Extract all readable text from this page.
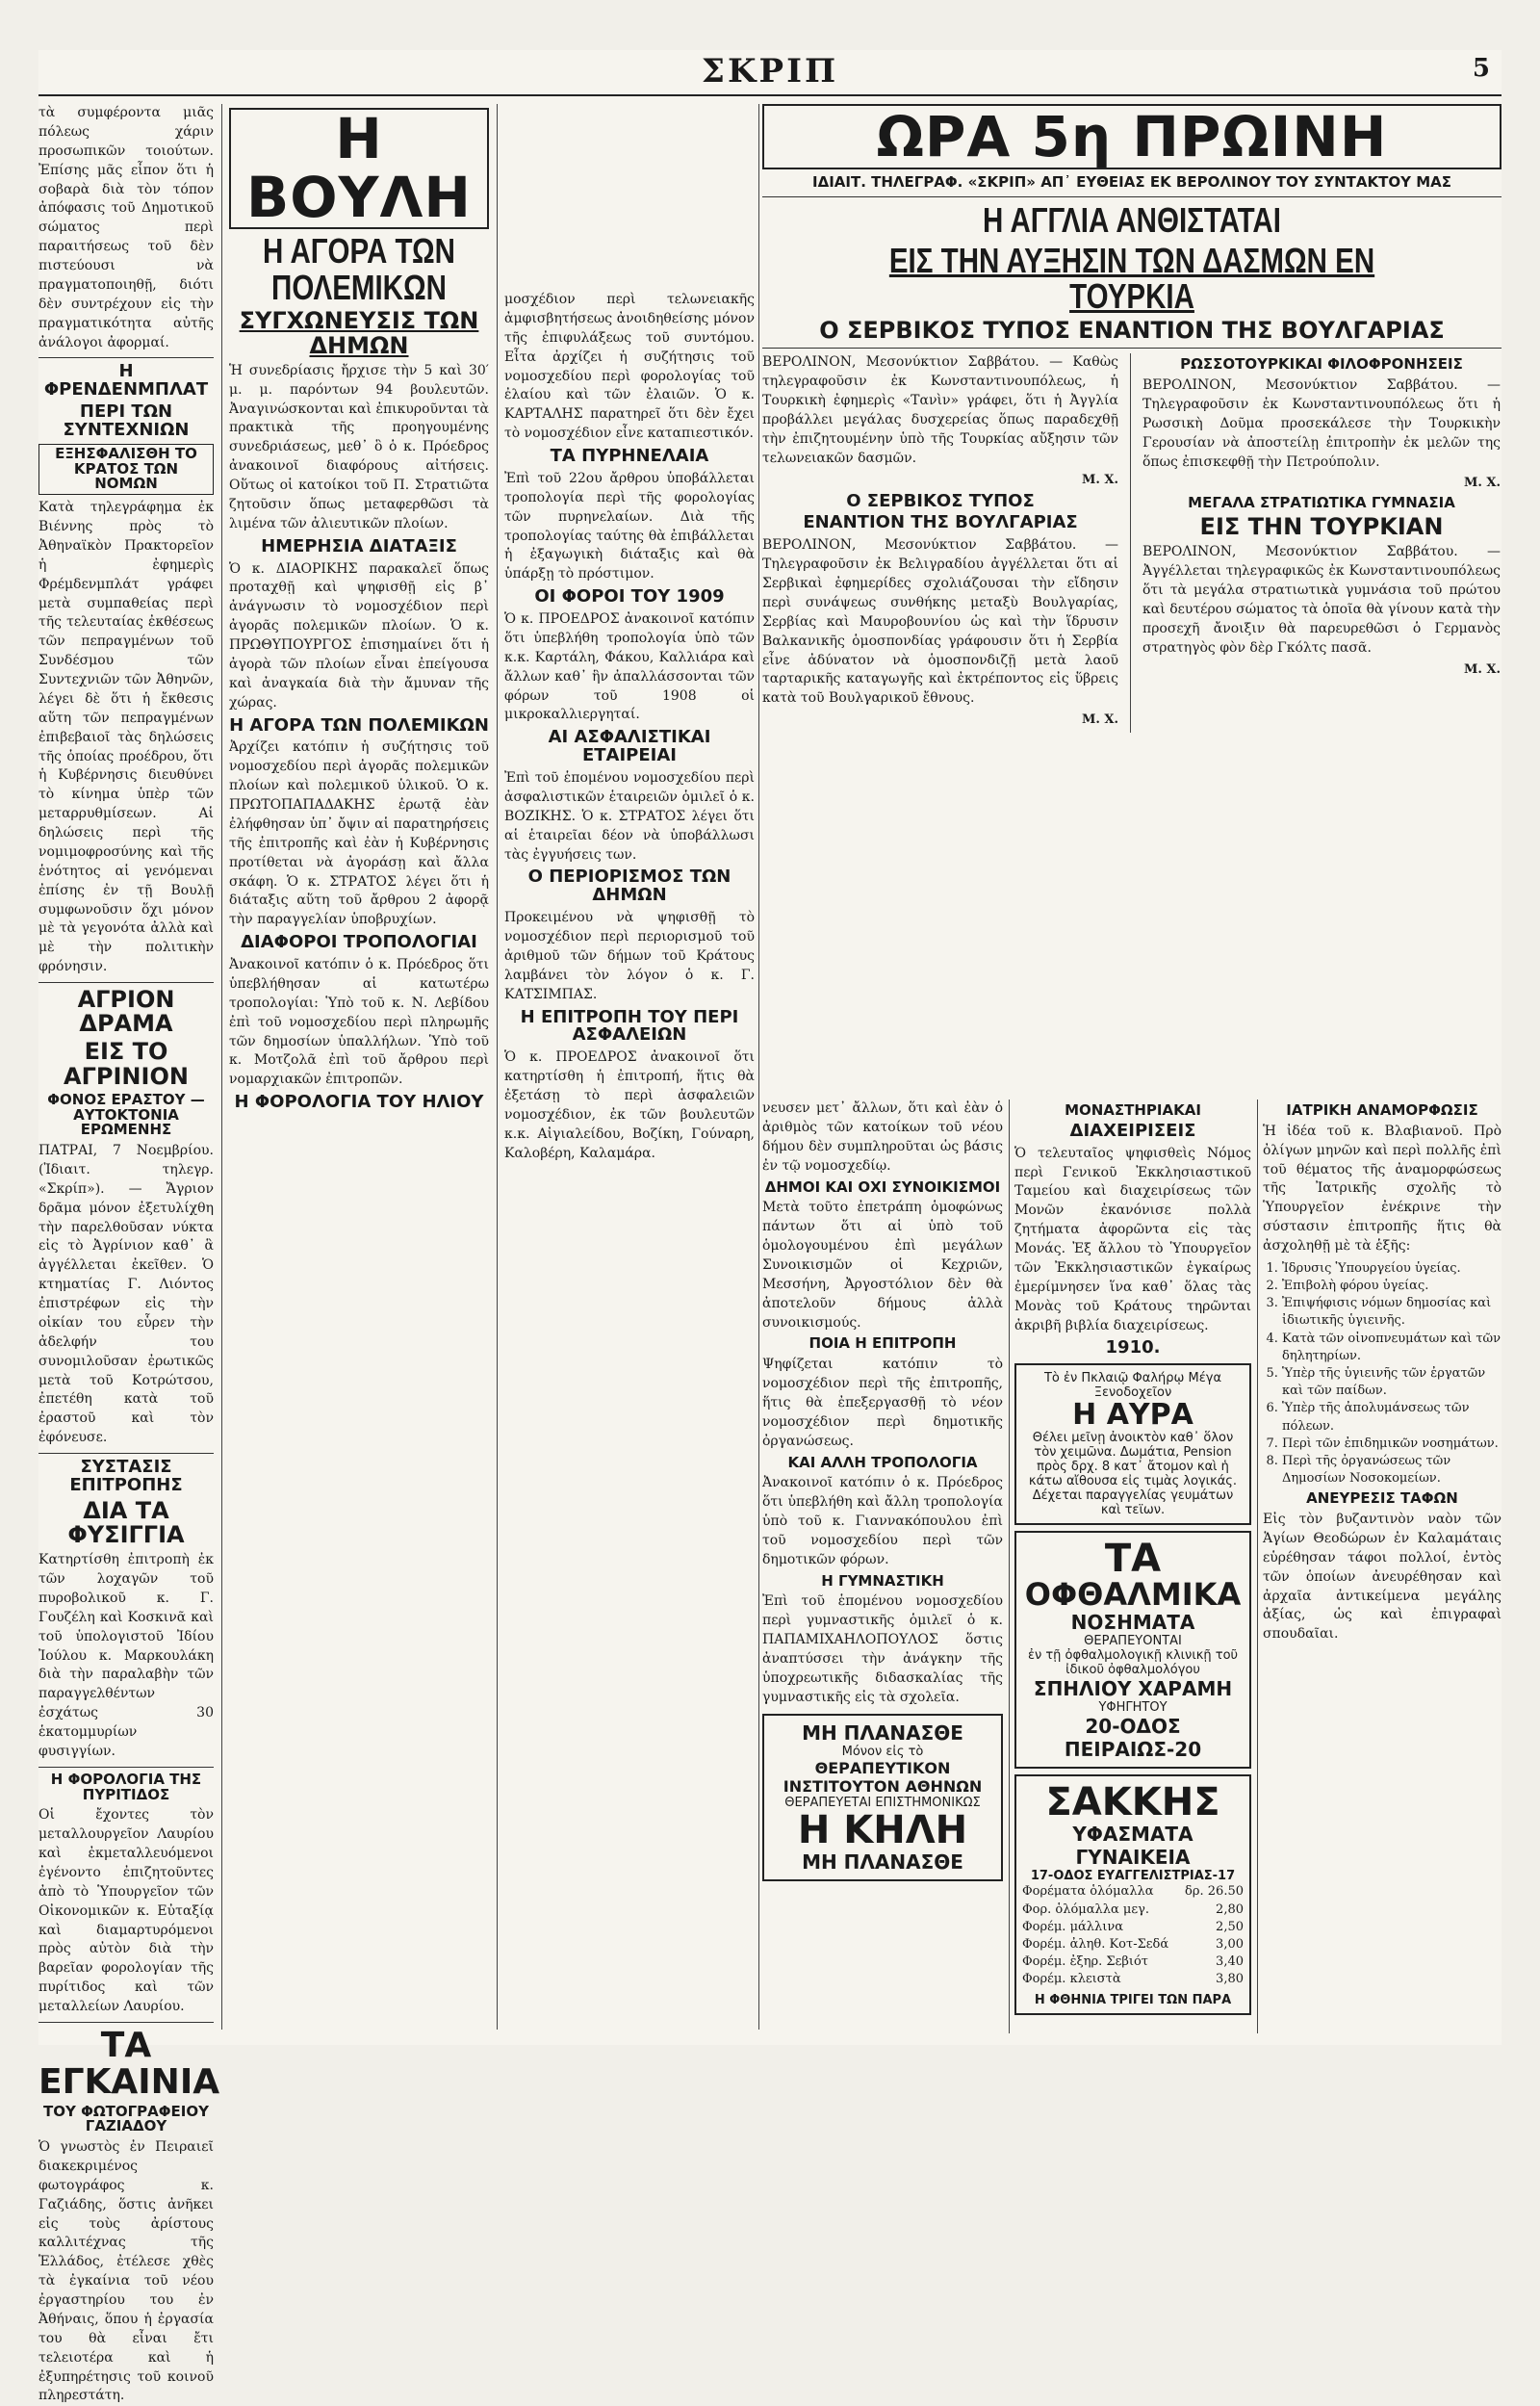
ΣΚΡΙΠ	5

τὰ συμφέροντα μιᾶς πόλεως χάριν προσωπικῶν τοιούτων. Ἐπίσης μᾶς εἶπον ὅτι ἡ σοβαρὰ διὰ τὸν τόπον ἀπόφασις τοῦ Δημοτικοῦ σώματος περὶ παραιτήσεως τοῦ δὲν πιστεύουσι νὰ πραγματοποιηθῇ, διότι δὲν συντρέχουν εἰς τὴν πραγματικότητα αὐτῆς ἀνάλογοι ἀφορμαί.

Η ΦΡΕΝΔΕΝΜΠΛΑΤ
ΠΕΡΙ ΤΩΝ ΣΥΝΤΕΧΝΙΩΝ
ΕΞΗΣΦΑΛΙΣΘΗ ΤΟ ΚΡΑΤΟΣ ΤΩΝ ΝΟΜΩΝ

Κατὰ τηλεγράφημα ἐκ Βιέννης πρὸς τὸ Ἀθηναϊκὸν Πρακτορεῖον ἡ ἐφημερὶς Φρέμδενμπλάτ γράφει μετὰ συμπαθείας περὶ τῆς τελευταίας ἐκθέσεως τῶν πεπραγμένων τοῦ Συνδέσμου τῶν Συντεχνιῶν τῶν Ἀθηνῶν, λέγει δὲ ὅτι ἡ ἔκθεσις αὕτη τῶν πεπραγμένων ἐπιβεβαιοῖ τὰς δηλώσεις τῆς ὁποίας προέδρου, ὅτι ἡ Κυβέρνησις διευθύνει τὸ κίνημα ὑπὲρ τῶν μεταρρυθμίσεων. Αἱ δηλώσεις περὶ τῆς νομιμοφροσύνης καὶ τῆς ἑνότητος αἱ γενόμεναι ἐπίσης ἐν τῇ Βουλῇ συμφωνοῦσιν ὅχι μόνον μὲ τὰ γεγονότα ἀλλὰ καὶ μὲ τὴν πολιτικὴν φρόνησιν.

ΑΓΡΙΟΝ ΔΡΑΜΑ
ΕΙΣ ΤΟ ΑΓΡΙΝΙΟΝ
ΦΟΝΟΣ ΕΡΑΣΤΟΥ — ΑΥΤΟΚΤΟΝΙΑ ΕΡΩΜΕΝΗΣ

ΠΑΤΡΑΙ, 7 Νοεμβρίου. (Ἰδιαιτ. τηλεγρ. «Σκρίπ»). — Ἄγριον δρᾶμα μόνον ἐξετυλίχθη τὴν παρελθοῦσαν νύκτα εἰς τὸ Ἀγρίνιον καθ᾽ ἃ ἀγγέλλεται ἐκεῖθεν. Ὁ κτηματίας Γ. Λιόντος ἐπιστρέφων εἰς τὴν οἰκίαν του εὗρεν τὴν ἀδελφήν του συνομιλοῦσαν ἐρωτικῶς μετὰ τοῦ Κοτρώτσου, ἐπετέθη κατὰ τοῦ ἐραστοῦ καὶ τὸν ἐφόνευσε.

ΣΥΣΤΑΣΙΣ ΕΠΙΤΡΟΠΗΣ
ΔΙΑ ΤΑ ΦΥΣΙΓΓΙΑ

Κατηρτίσθη ἐπιτροπὴ ἐκ τῶν λοχαγῶν τοῦ πυροβολικοῦ κ. Γ. Γουζέλη καὶ Κοσκινᾶ καὶ τοῦ ὑπολογιστοῦ Ἰδίου Ἰούλου κ. Μαρκουλάκη διὰ τὴν παραλαβὴν τῶν παραγγελθέντων ἐσχάτως 30 ἑκατομμυρίων φυσιγγίων.

Η ΦΟΡΟΛΟΓΙΑ ΤΗΣ ΠΥΡΙΤΙΔΟΣ

Οἱ ἔχοντες τὸν μεταλλουργεῖον Λαυρίου καὶ ἐκμεταλλευόμενοι ἐγένοντο ἐπιζητοῦντες ἀπὸ τὸ Ὑπουργεῖον τῶν Οἰκονομικῶν κ. Εὐταξίᾳ καὶ διαμαρτυρόμενοι πρὸς αὐτὸν διὰ τὴν βαρεῖαν φορολογίαν τῆς πυρίτιδος καὶ τῶν μεταλλείων Λαυρίου.

ΤΑ ΕΓΚΑΙΝΙΑ
ΤΟΥ ΦΩΤΟΓΡΑΦΕΙΟΥ ΓΑΖΙΑΔΟΥ

Ὁ γνωστὸς ἐν Πειραιεῖ διακεκριμένος φωτογράφος κ. Γαζιάδης, ὅστις ἀνῆκει εἰς τοὺς ἀρίστους καλλιτέχνας τῆς Ἑλλάδος, ἐτέλεσε χθὲς τὰ ἐγκαίνια τοῦ νέου ἐργαστηρίου του ἐν Ἀθήναις, ὅπου ἡ ἐργασία του θὰ εἶναι ἔτι τελειοτέρα καὶ ἡ ἐξυπηρέτησις τοῦ κοινοῦ πληρεστάτη.

Η ΒΟΥΛΗ
Η ΑΓΟΡΑ ΤΩΝ ΠΟΛΕΜΙΚΩΝ
ΣΥΓΧΩΝΕΥΣΙΣ ΤΩΝ ΔΗΜΩΝ

Ἡ συνεδρίασις ἤρχισε τὴν 5 καὶ 30′ μ. μ. παρόντων 94 βουλευτῶν. Ἀναγινώσκονται καὶ ἐπικυροῦνται τὰ πρακτικὰ τῆς προηγουμένης συνεδριάσεως, μεθ᾽ ὃ ὁ κ. Πρόεδρος ἀνακοινοῖ διαφόρους αἰτήσεις. Οὕτως οἱ κατοίκοι τοῦ Π. Στρατιῶτα ζητοῦσιν ὅπως μεταφερθῶσι τὰ λιμένα τῶν ἀλιευτικῶν πλοίων.

ΗΜΕΡΗΣΙΑ ΔΙΑΤΑΞΙΣ

Ὁ κ. ΔΙΑΟΡΙΚΗΣ παρακαλεῖ ὅπως προταχθῇ καὶ ψηφισθῇ εἰς β᾽ ἀνάγνωσιν τὸ νομοσχέδιον περὶ ἀγορᾶς πολεμικῶν πλοίων. Ὁ κ. ΠΡΩΘΥΠΟΥΡΓΟΣ ἐπισημαίνει ὅτι ἡ ἀγορὰ τῶν πλοίων εἶναι ἐπείγουσα καὶ ἀναγκαία διὰ τὴν ἄμυναν τῆς χώρας.

Η ΑΓΟΡΑ ΤΩΝ ΠΟΛΕΜΙΚΩΝ

Ἀρχίζει κατόπιν ἡ συζήτησις τοῦ νομοσχεδίου περὶ ἀγορᾶς πολεμικῶν πλοίων καὶ πολεμικοῦ ὑλικοῦ. Ὁ κ. ΠΡΩΤΟΠΑΠΑΔΑΚΗΣ ἐρωτᾷ ἐὰν ἐλήφθησαν ὑπ᾽ ὄψιν αἱ παρατηρήσεις τῆς ἐπιτροπῆς καὶ ἐὰν ἡ Κυβέρνησις προτίθεται νὰ ἀγοράσῃ καὶ ἄλλα σκάφη. Ὁ κ. ΣΤΡΑΤΟΣ λέγει ὅτι ἡ διάταξις αὕτη τοῦ ἄρθρου 2 ἀφορᾷ τὴν παραγγελίαν ὑποβρυχίων.

ΔΙΑΦΟΡΟΙ ΤΡΟΠΟΛΟΓΙΑΙ

Ἀνακοινοῖ κατόπιν ὁ κ. Πρόεδρος ὅτι ὑπεβλήθησαν αἱ κατωτέρω τροπολογίαι: Ὑπὸ τοῦ κ. Ν. Λεβίδου ἐπὶ τοῦ νομοσχεδίου περὶ πληρωμῆς τῶν δημοσίων ὑπαλλήλων. Ὑπὸ τοῦ κ. Μοτζολᾶ ἐπὶ τοῦ ἄρθρου περὶ νομαρχιακῶν ἐπιτροπῶν.

Η ΦΟΡΟΛΟΓΙΑ ΤΟΥ ΗΛΙΟΥ

μοσχέδιον περὶ τελωνειακῆς ἀμφισβητήσεως ἀνοιδηθείσης μόνον τῆς ἐπιφυλάξεως τοῦ συντόμου. Εἶτα ἀρχίζει ἡ συζήτησις τοῦ νομοσχεδίου περὶ φορολογίας τοῦ ἐλαίου καὶ τῶν ἐλαιῶν. Ὁ κ. ΚΑΡΤΑΛΗΣ παρατηρεῖ ὅτι δὲν ἔχει τὸ νομοσχέδιον εἶνε καταπιεστικόν.

ΤΑ ΠΥΡΗΝΕΛΑΙΑ

Ἐπὶ τοῦ 22ου ἄρθρου ὑποβάλλεται τροπολογία περὶ τῆς φορολογίας τῶν πυρηνελαίων. Διὰ τῆς τροπολογίας ταύτης θὰ ἐπιβάλλεται ἡ ἐξαγωγικὴ διάταξις καὶ θὰ ὑπάρξῃ τὸ πρόστιμον.

ΟΙ ΦΟΡΟΙ ΤΟΥ 1909

Ὁ κ. ΠΡΟΕΔΡΟΣ ἀνακοινοῖ κατόπιν ὅτι ὑπεβλήθη τροπολογία ὑπὸ τῶν κ.κ. Καρτάλη, Φάκου, Καλλιάρα καὶ ἄλλων καθ᾽ ἣν ἀπαλλάσσονται τῶν φόρων τοῦ 1908 οἱ μικροκαλλιεργηταί.

ΑΙ ΑΣΦΑΛΙΣΤΙΚΑΙ ΕΤΑΙΡΕΙΑΙ

Ἐπὶ τοῦ ἑπομένου νομοσχεδίου περὶ ἀσφαλιστικῶν ἑταιρειῶν ὁμιλεῖ ὁ κ. ΒΟΖΙΚΗΣ. Ὁ κ. ΣΤΡΑΤΟΣ λέγει ὅτι αἱ ἑταιρεῖαι δέον νὰ ὑποβάλλωσι τὰς ἐγγυήσεις των.

Ο ΠΕΡΙΟΡΙΣΜΟΣ ΤΩΝ ΔΗΜΩΝ

Προκειμένου νὰ ψηφισθῇ τὸ νομοσχέδιον περὶ περιορισμοῦ τοῦ ἀριθμοῦ τῶν δήμων τοῦ Κράτους λαμβάνει τὸν λόγον ὁ κ. Γ. ΚΑΤΣΙΜΠΑΣ.

Η ΕΠΙΤΡΟΠΗ ΤΟΥ ΠΕΡΙ ΑΣΦΑΛΕΙΩΝ

Ὁ κ. ΠΡΟΕΔΡΟΣ ἀνακοινοῖ ὅτι κατηρτίσθη ἡ ἐπιτροπή, ἥτις θὰ ἐξετάσῃ τὸ περὶ ἀσφαλειῶν νομοσχέδιον, ἐκ τῶν βουλευτῶν κ.κ. Αἰγιαλείδου, Βοζίκη, Γούναρη, Καλοβέρη, Καλαμάρα.

ΩΡΑ 5η ΠΡΩΙΝΗ
ΙΔΙΑΙΤ. ΤΗΛΕΓΡΑΦ. «ΣΚΡΙΠ» ΑΠ᾽ ΕΥΘΕΙΑΣ ΕΚ ΒΕΡΟΛΙΝΟΥ ΤΟΥ ΣΥΝΤΑΚΤΟΥ ΜΑΣ
Η ΑΓΓΛΙΑ ΑΝΘΙΣΤΑΤΑΙ
ΕΙΣ ΤΗΝ ΑΥΞΗΣΙΝ ΤΩΝ ΔΑΣΜΩΝ ΕΝ ΤΟΥΡΚΙΑ
Ο ΣΕΡΒΙΚΟΣ ΤΥΠΟΣ ΕΝΑΝΤΙΟΝ ΤΗΣ ΒΟΥΛΓΑΡΙΑΣ

ΒΕΡΟΛΙΝΟΝ, Μεσονύκτιον Σαββάτου. — Καθὼς τηλεγραφοῦσιν ἐκ Κωνσταντινουπόλεως, ἡ Τουρκικὴ ἐφημερὶς «Τανὶν» γράφει, ὅτι ἡ Ἀγγλία προβάλλει μεγάλας δυσχερείας ὅπως παραδεχθῇ τὴν ἐπιζητουμένην ὑπὸ τῆς Τουρκίας αὔξησιν τῶν τελωνειακῶν δασμῶν.

Μ. Χ.
Ο ΣΕΡΒΙΚΟΣ ΤΥΠΟΣ
ΕΝΑΝΤΙΟΝ ΤΗΣ ΒΟΥΛΓΑΡΙΑΣ

ΒΕΡΟΛΙΝΟΝ, Μεσονύκτιον Σαββάτου. — Τηλεγραφοῦσιν ἐκ Βελιγραδίου ἀγγέλλεται ὅτι αἱ Σερβικαὶ ἐφημερίδες σχολιάζουσαι τὴν εἴδησιν περὶ συνάψεως συνθήκης μεταξὺ Βουλγαρίας, Σερβίας καὶ Μαυροβουνίου ὡς καὶ τὴν ἵδρυσιν Βαλκανικῆς ὁμοσπονδίας γράφουσιν ὅτι ἡ Σερβία εἶνε ἀδύνατον νὰ ὁμοσπονδιζῇ μετὰ λαοῦ ταρταρικῆς καταγωγῆς καὶ ἐκτρέποντος εἰς ὕβρεις κατὰ τοῦ Βουλγαρικοῦ ἔθνους.

Μ. Χ.
ΡΩΣΣΟΤΟΥΡΚΙΚΑΙ ΦΙΛΟΦΡΟΝΗΣΕΙΣ

ΒΕΡΟΛΙΝΟΝ, Μεσονύκτιον Σαββάτου. — Τηλεγραφοῦσιν ἐκ Κωνσταντινουπόλεως ὅτι ἡ Ρωσσικὴ Δοῦμα προσεκάλεσε τὴν Τουρκικὴν Γερουσίαν νὰ ἀποστείλῃ ἐπιτροπὴν ἐκ μελῶν της ὅπως ἐπισκεφθῇ τὴν Πετρούπολιν.

Μ. Χ.
ΜΕΓΑΛΑ ΣΤΡΑΤΙΩΤΙΚΑ ΓΥΜΝΑΣΙΑ
ΕΙΣ ΤΗΝ ΤΟΥΡΚΙΑΝ

ΒΕΡΟΛΙΝΟΝ, Μεσονύκτιον Σαββάτου. — Ἀγγέλλεται τηλεγραφικῶς ἐκ Κωνσταντινουπόλεως ὅτι τὰ μεγάλα στρατιωτικὰ γυμνάσια τοῦ πρώτου καὶ δευτέρου σώματος τὰ ὁποῖα θὰ γίνουν κατὰ τὴν προσεχῆ ἄνοιξιν θὰ παρευρεθῶσι ὁ Γερμανὸς στρατηγὸς φὸν δὲρ Γκόλτς πασᾶ.

Μ. Χ.

νευσεν μετ᾽ ἄλλων, ὅτι καὶ ἐὰν ὁ ἀριθμὸς τῶν κατοίκων τοῦ νέου δήμου δὲν συμπληροῦται ὡς βάσις ἐν τῷ νομοσχεδίῳ.

ΔΗΜΟΙ ΚΑΙ ΟΧΙ ΣΥΝΟΙΚΙΣΜΟΙ

Μετὰ τοῦτο ἐπετράπη ὁμοφώνως πάντων ὅτι αἱ ὑπὸ τοῦ ὁμολογουμένου ἐπὶ μεγάλων Συνοικισμῶν οἱ Κεχριῶν, Μεσσήνη, Ἀργοστόλιον δὲν θὰ ἀποτελοῦν δήμους ἀλλὰ συνοικισμούς.

ΠΟΙΑ Η ΕΠΙΤΡΟΠΗ

Ψηφίζεται κατόπιν τὸ νομοσχέδιον περὶ τῆς ἐπιτροπῆς, ἥτις θὰ ἐπεξεργασθῇ τὸ νέον νομοσχέδιον περὶ δημοτικῆς ὀργανώσεως.

ΚΑΙ ΑΛΛΗ ΤΡΟΠΟΛΟΓΙΑ

Ἀνακοινοῖ κατόπιν ὁ κ. Πρόεδρος ὅτι ὑπεβλήθη καὶ ἄλλη τροπολογία ὑπὸ τοῦ κ. Γιαννακόπουλου ἐπὶ τοῦ νομοσχεδίου περὶ τῶν δημοτικῶν φόρων.

Η ΓΥΜΝΑΣΤΙΚΗ

Ἐπὶ τοῦ ἑπομένου νομοσχεδίου περὶ γυμναστικῆς ὁμιλεῖ ὁ κ. ΠΑΠΑΜΙΧΑΗΛΟΠΟΥΛΟΣ ὅστις ἀναπτύσσει τὴν ἀνάγκην τῆς ὑποχρεωτικῆς διδασκαλίας τῆς γυμναστικῆς εἰς τὰ σχολεῖα.

ΜΗ ΠΛΑΝΑΣΘΕ
Μόνον εἰς τὸ
ΘΕΡΑΠΕΥΤΙΚΟΝ ΙΝΣΤΙΤΟΥΤΟΝ ΑΘΗΝΩΝ
ΘΕΡΑΠΕΥΕΤΑΙ ΕΠΙΣΤΗΜΟΝΙΚΩΣ
Η ΚΗΛΗ
ΜΗ ΠΛΑΝΑΣΘΕ
ΜΟΝΑΣΤΗΡΙΑΚΑΙ
ΔΙΑΧΕΙΡΙΣΕΙΣ

Ὁ τελευταῖος ψηφισθεὶς Νόμος περὶ Γενικοῦ Ἐκκλησιαστικοῦ Ταμείου καὶ διαχειρίσεως τῶν Μονῶν ἐκανόνισε πολλὰ ζητήματα ἀφορῶντα εἰς τὰς Μονάς. Ἐξ ἄλλου τὸ Ὑπουργεῖον τῶν Ἐκκλησιαστικῶν ἐγκαίρως ἐμερίμνησεν ἵνα καθ᾽ ὅλας τὰς Μονὰς τοῦ Κράτους τηρῶνται ἀκριβῆ βιβλία διαχειρίσεως.

1910.
Τὸ ἐν Πκλαιῷ Φαλήρῳ Μέγα Ξενοδοχεῖον
Η ΑΥΡΑ
Θέλει μεῖνῃ ἀνοικτὸν καθ᾽ ὅλον τὸν χειμῶνα. Δωμάτια, Pension πρὸς δρχ. 8 κατ᾽ ἄτομον καὶ ἡ κάτω αἴθουσα εἰς τιμὰς λογικάς. Δέχεται παραγγελίας γευμάτων καὶ τεϊων.
ΤΑ
ΟΦΘΑΛΜΙΚΑ
ΝΟΣΗΜΑΤΑ
ΘΕΡΑΠΕΥΟΝΤΑΙ
ἐν τῇ ὀφθαλμολογικῇ κλινικῇ τοῦ ἰδικοῦ ὀφθαλμολόγου
ΣΠΗΛΙΟΥ ΧΑΡΑΜΗ
ΥΦΗΓΗΤΟΥ
20-ΟΔΟΣ ΠΕΙΡΑΙΩΣ-20
ΣΑΚΚΗΣ
ΥΦΑΣΜΑΤΑ ΓΥΝΑΙΚΕΙΑ
17-ΟΔΟΣ ΕΥΑΓΓΕΛΙΣΤΡΙΑΣ-17
Φορέματα ὁλόμαλλα δρ. 26.50
Φορ. ὁλόμαλλα μεγ.	2,80
Φορέμ. μάλλινα	2,50
Φορέμ. ἀληθ. Κοτ-Σεδά	3,00
Φορέμ. ἐξηρ. Σεβιότ	3,40
Φορέμ. κλειστὰ	3,80
Η ΦΘΗΝΙΑ ΤΡΙΓΕΙ ΤΩΝ ΠΑΡΑ
ΙΑΤΡΙΚΗ ΑΝΑΜΟΡΦΩΣΙΣ

Ἡ ἰδέα τοῦ κ. Βλαβιανοῦ. Πρὸ ὀλίγων μηνῶν καὶ περὶ πολλῆς ἐπὶ τοῦ θέματος τῆς ἀναμορφώσεως τῆς Ἰατρικῆς σχολῆς τὸ Ὑπουργεῖον ἐνέκρινε τὴν σύστασιν ἐπιτροπῆς ἥτις θὰ ἀσχοληθῇ μὲ τὰ ἑξῆς:

1. Ἰδρυσις Ὑπουργείου ὑγείας.
2. Ἐπιβολὴ φόρου ὑγείας.
3. Ἐπιψήφισις νόμων δημοσίας καὶ ἰδιωτικῆς ὑγιεινῆς.
4. Κατὰ τῶν οἰνοπνευμάτων καὶ τῶν δηλητηρίων.
5. Ὑπὲρ τῆς ὑγιεινῆς τῶν ἐργατῶν καὶ τῶν παίδων.
6. Ὑπὲρ τῆς ἀπολυμάνσεως τῶν πόλεων.
7. Περὶ τῶν ἐπιδημικῶν νοσημάτων.
8. Περὶ τῆς ὀργανώσεως τῶν Δημοσίων Νοσοκομείων.
ΑΝΕΥΡΕΣΙΣ ΤΑΦΩΝ

Εἰς τὸν βυζαντινὸν ναὸν τῶν Ἁγίων Θεοδώρων ἐν Καλαμάταις εὑρέθησαν τάφοι πολλοί, ἐντὸς τῶν ὁποίων ἀνευρέθησαν καὶ ἀρχαῖα ἀντικείμενα μεγάλης ἀξίας, ὡς καὶ ἐπιγραφαὶ σπουδαῖαι.
